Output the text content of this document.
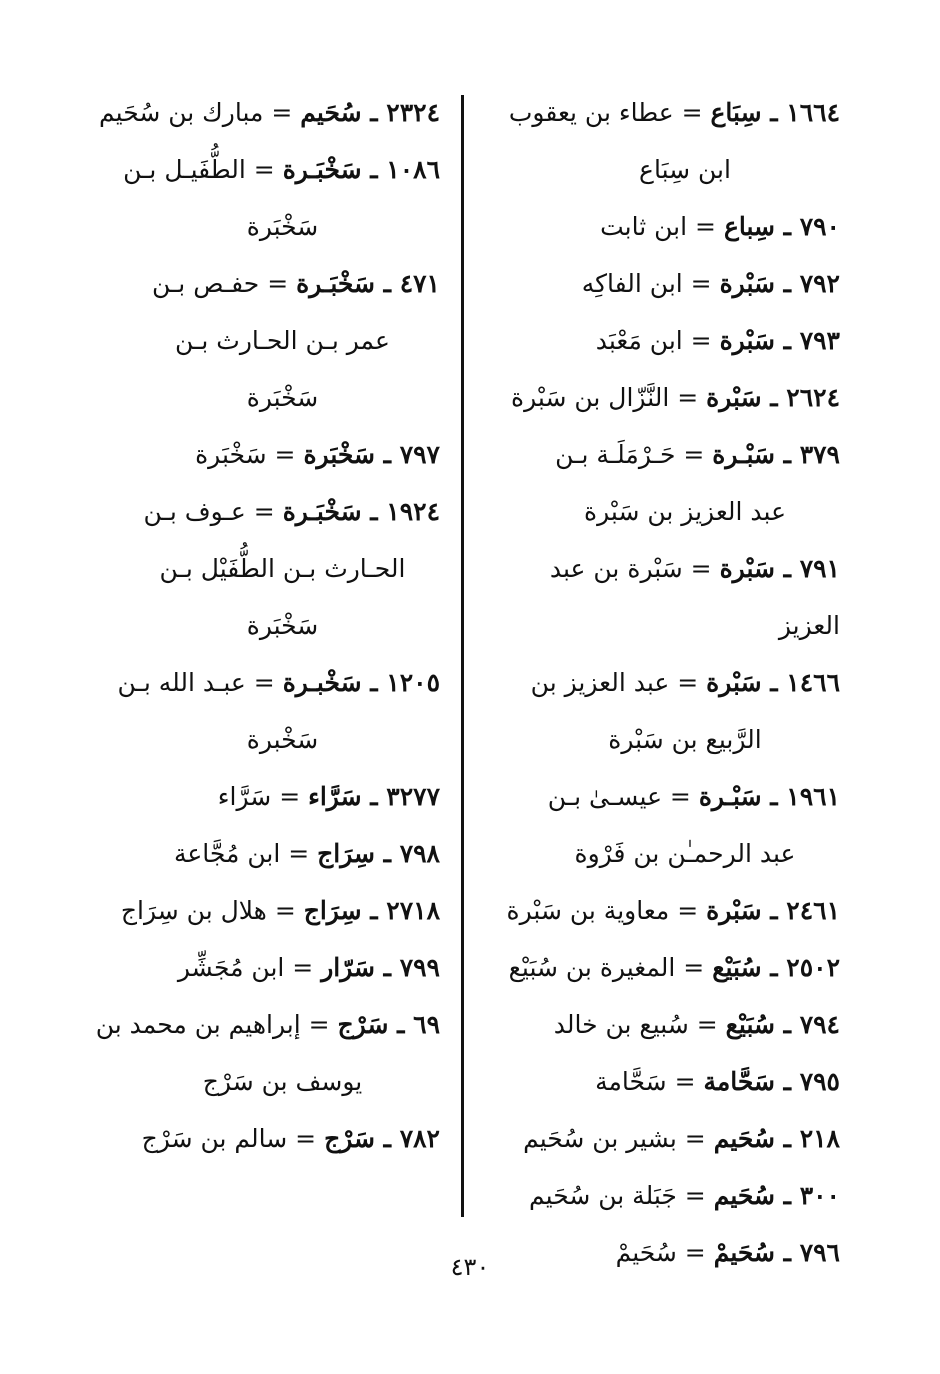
١٦٦٤ ـ سِبَاع = عطاء بن يعقوب
ابن سِبَاع
٧٩٠ ـ سِباع = ابن ثابت
٧٩٢ ـ سَبْرة = ابن الفاكِه
٧٩٣ ـ سَبْرة = ابن مَعْبَد
٢٦٢٤ ـ سَبْرة = النَّزّال بن سَبْرة
٣٧٩ ـ سَبْـرة = حَـرْمَلَـة بـن
عبد العزيز بن سَبْرة
٧٩١ ـ سَبْرة = سَبْرة بن عبد العزيز
١٤٦٦ ـ سَبْرة = عبد العزيز بن
الرَّبيع بن سَبْرة
١٩٦١ ـ سَبْـرة = عيسـىٰ بـن
عبد الرحمـٰن بن فَرْوة
٢٤٦١ ـ سَبْرة = معاوية بن سَبْرة
٢٥٠٢ ـ سُبَيْع = المغيرة بن سُبَيْع
٧٩٤ ـ سُبَيْع = سُبيع بن خالد
٧٩٥ ـ سَحَّامة = سَحَّامة
٢١٨ ـ سُحَيم = بشير بن سُحَيم
٣٠٠ ـ سُحَيم = جَبَلة بن سُحَيم
٧٩٦ ـ سُحَيمْ = سُحَيمْ
٢٣٢٤ ـ سُحَيم = مبارك بن سُحَيم
١٠٨٦ ـ سَخْبَـرة = الطُّفَيـل بـن
سَخْبَرة
٤٧١ ـ سَخْبَـرة = حفـص بـن
عمر بـن الحـارث بـن
سَخْبَرة
٧٩٧ ـ سَخْبَرة = سَخْبَرة
١٩٢٤ ـ سَخْبَـرة = عـوف بـن
الحـارث بـن الطُّفَيْل بـن
سَخْبَرة
١٢٠٥ ـ سَخْبـرة = عبـد الله بـن
سَخْبرة
٣٢٧٧ ـ سَرَّاء = سَرَّاء
٧٩٨ ـ سِرَاج = ابن مُجَّاعة
٢٧١٨ ـ سِرَاج = هلال بن سِرَاج
٧٩٩ ـ سَرّار = ابن مُجَشِّر
٦٩ ـ سَرْج = إبراهيم بن محمد بن
يوسف بن سَرْج
٧٨٢ ـ سَرْج = سالم بن سَرْج
٤٣٠
